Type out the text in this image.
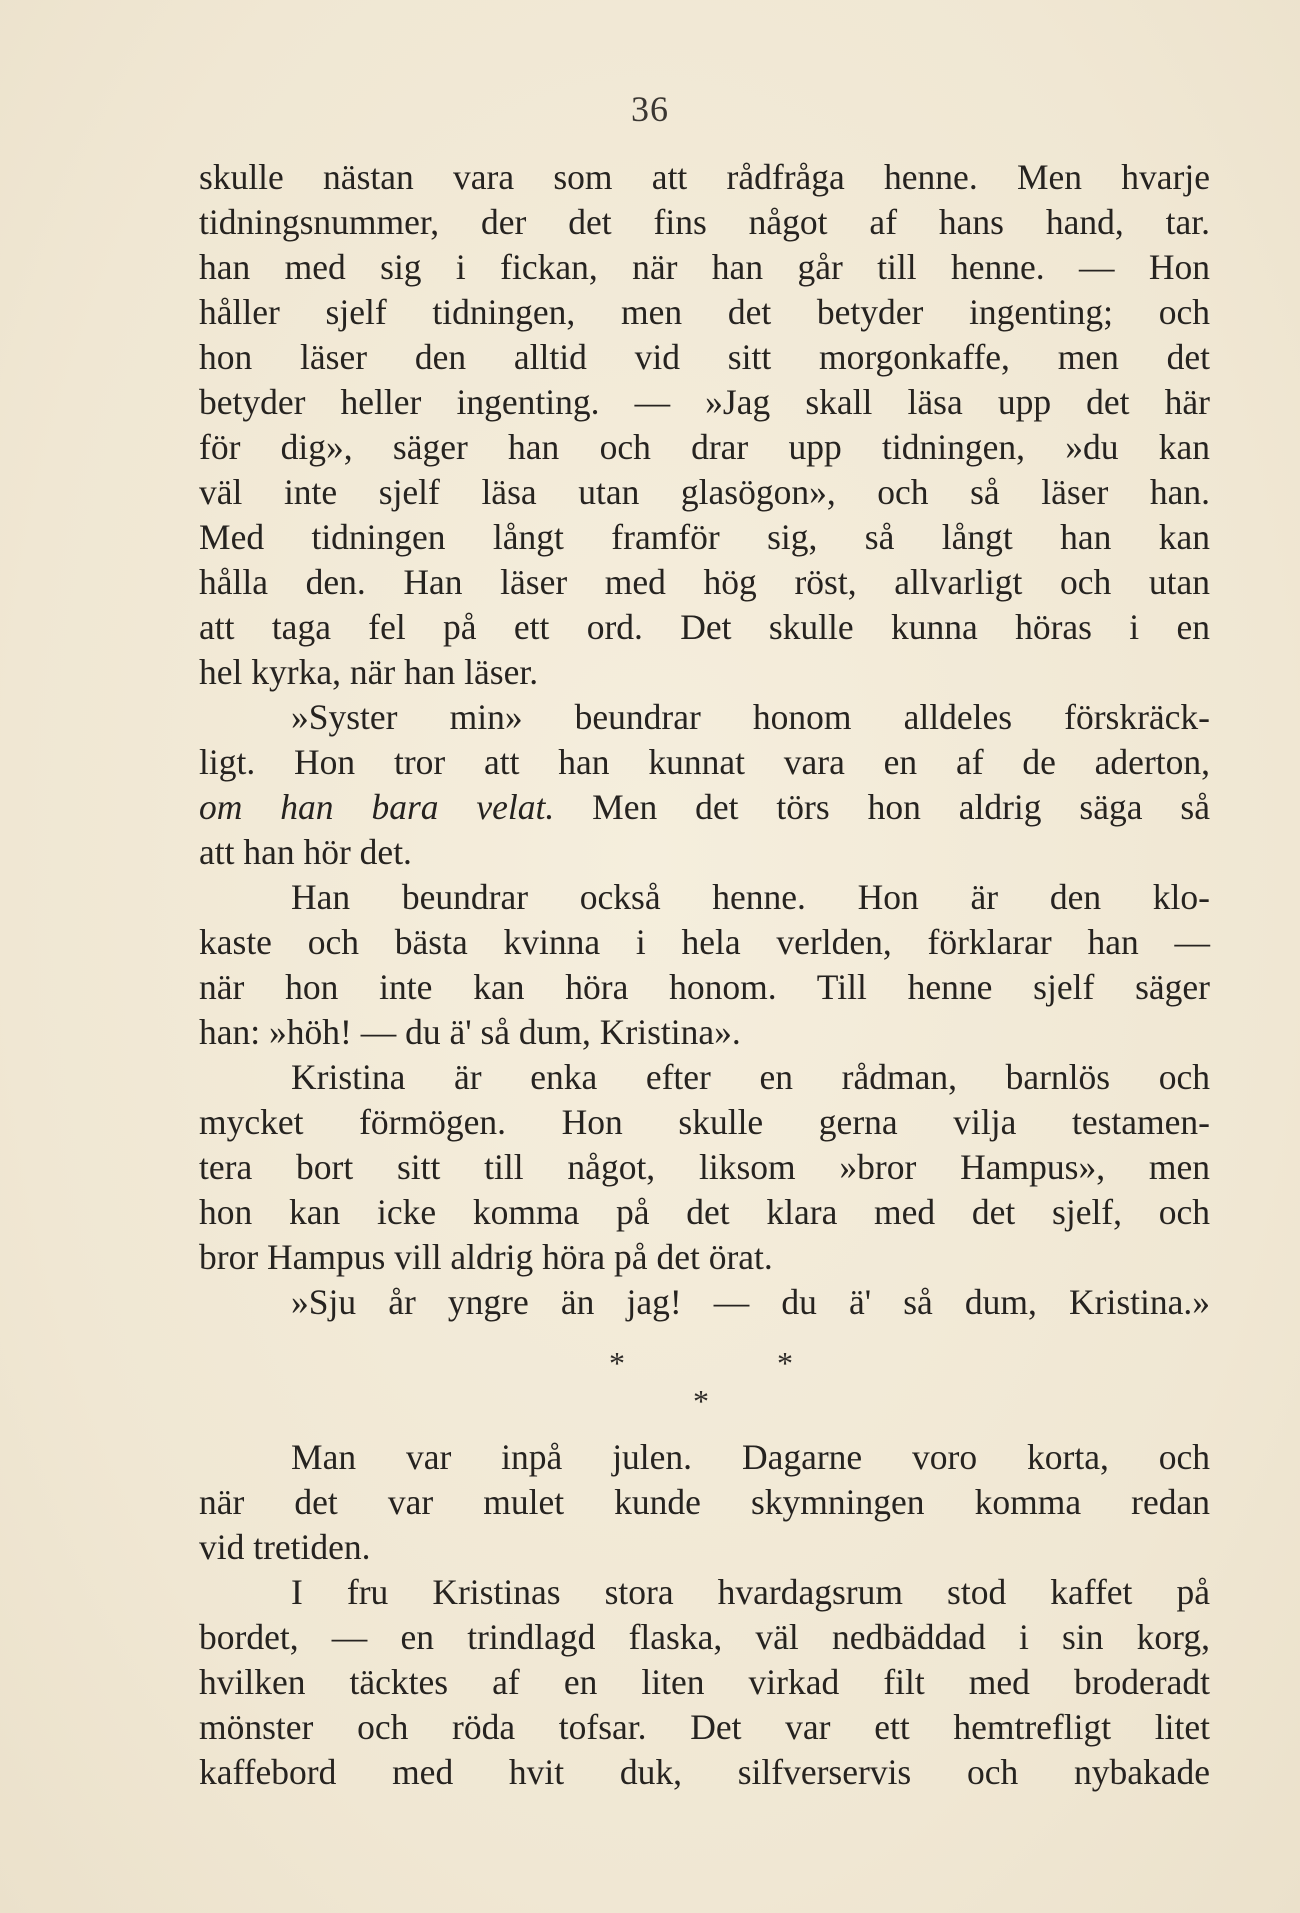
36
skulle nästan vara som att rådfråga henne. Men hvarje
tidningsnummer, der det fins något af hans hand, tar.
han med sig i fickan, när han går till henne. — Hon
håller sjelf tidningen, men det betyder ingenting; och
hon läser den alltid vid sitt morgonkaffe, men det
betyder heller ingenting. — »Jag skall läsa upp det här
för dig», säger han och drar upp tidningen, »du kan
väl inte sjelf läsa utan glasögon», och så läser han.
Med tidningen långt framför sig, så långt han kan
hålla den. Han läser med hög röst, allvarligt och utan
att taga fel på ett ord. Det skulle kunna höras i en
hel kyrka, när han läser.
»Syster min» beundrar honom alldeles förskräck-
ligt. Hon tror att han kunnat vara en af de aderton,
om han bara velat. Men det törs hon aldrig säga så
att han hör det.
Han beundrar också henne. Hon är den klo-
kaste och bästa kvinna i hela verlden, förklarar han —
när hon inte kan höra honom. Till henne sjelf säger
han: »höh! — du ä' så dum, Kristina».
Kristina är enka efter en rådman, barnlös och
mycket förmögen. Hon skulle gerna vilja testamen-
tera bort sitt till något, liksom »bror Hampus», men
hon kan icke komma på det klara med det sjelf, och
bror Hampus vill aldrig höra på det örat.
»Sju år yngre än jag! — du ä' så dum, Kristina.»
*	*
*
Man var inpå julen. Dagarne voro korta, och
när det var mulet kunde skymningen komma redan
vid tretiden.
I fru Kristinas stora hvardagsrum stod kaffet på
bordet, — en trindlagd flaska, väl nedbäddad i sin korg,
hvilken täcktes af en liten virkad filt med broderadt
mönster och röda tofsar. Det var ett hemtrefligt litet
kaffebord med hvit duk, silfverservis och nybakade
